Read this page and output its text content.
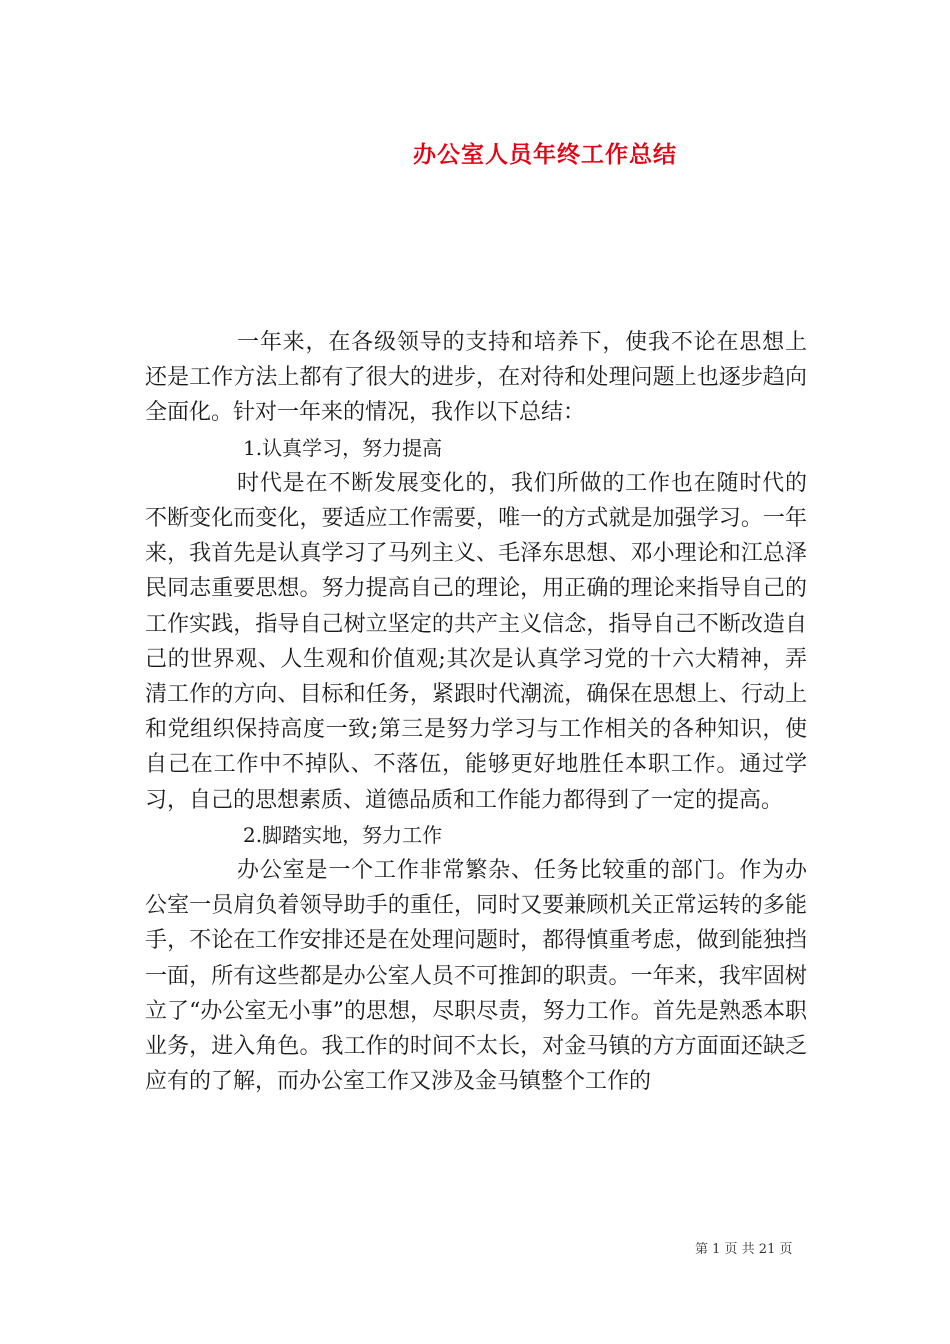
办公室人员年终工作总结

一年来，在各级领导的支持和培养下，使我不论在思想上还是工作方法上都有了很大的进步，在对待和处理问题上也逐步趋向全面化。针对一年来的情况，我作以下总结：

1.认真学习，努力提高

时代是在不断发展变化的，我们所做的工作也在随时代的不断变化而变化，要适应工作需要，唯一的方式就是加强学习。一年来，我首先是认真学习了马列主义、毛泽东思想、邓小理论和江总泽民同志重要思想。努力提高自己的理论，用正确的理论来指导自己的工作实践，指导自己树立坚定的共产主义信念，指导自己不断改造自己的世界观、人生观和价值观;其次是认真学习党的十六大精神，弄清工作的方向、目标和任务，紧跟时代潮流，确保在思想上、行动上和党组织保持高度一致;第三是努力学习与工作相关的各种知识，使自己在工作中不掉队、不落伍，能够更好地胜任本职工作。通过学习，自己的思想素质、道德品质和工作能力都得到了一定的提高。

2.脚踏实地，努力工作

办公室是一个工作非常繁杂、任务比较重的部门。作为办公室一员肩负着领导助手的重任，同时又要兼顾机关正常运转的多能手，不论在工作安排还是在处理问题时，都得慎重考虑，做到能独挡一面，所有这些都是办公室人员不可推卸的职责。一年来，我牢固树立了“办公室无小事”的思想，尽职尽责，努力工作。首先是熟悉本职业务，进入角色。我工作的时间不太长，对金马镇的方方面面还缺乏应有的了解，而办公室工作又涉及金马镇整个工作的

第 1 页 共 21 页
